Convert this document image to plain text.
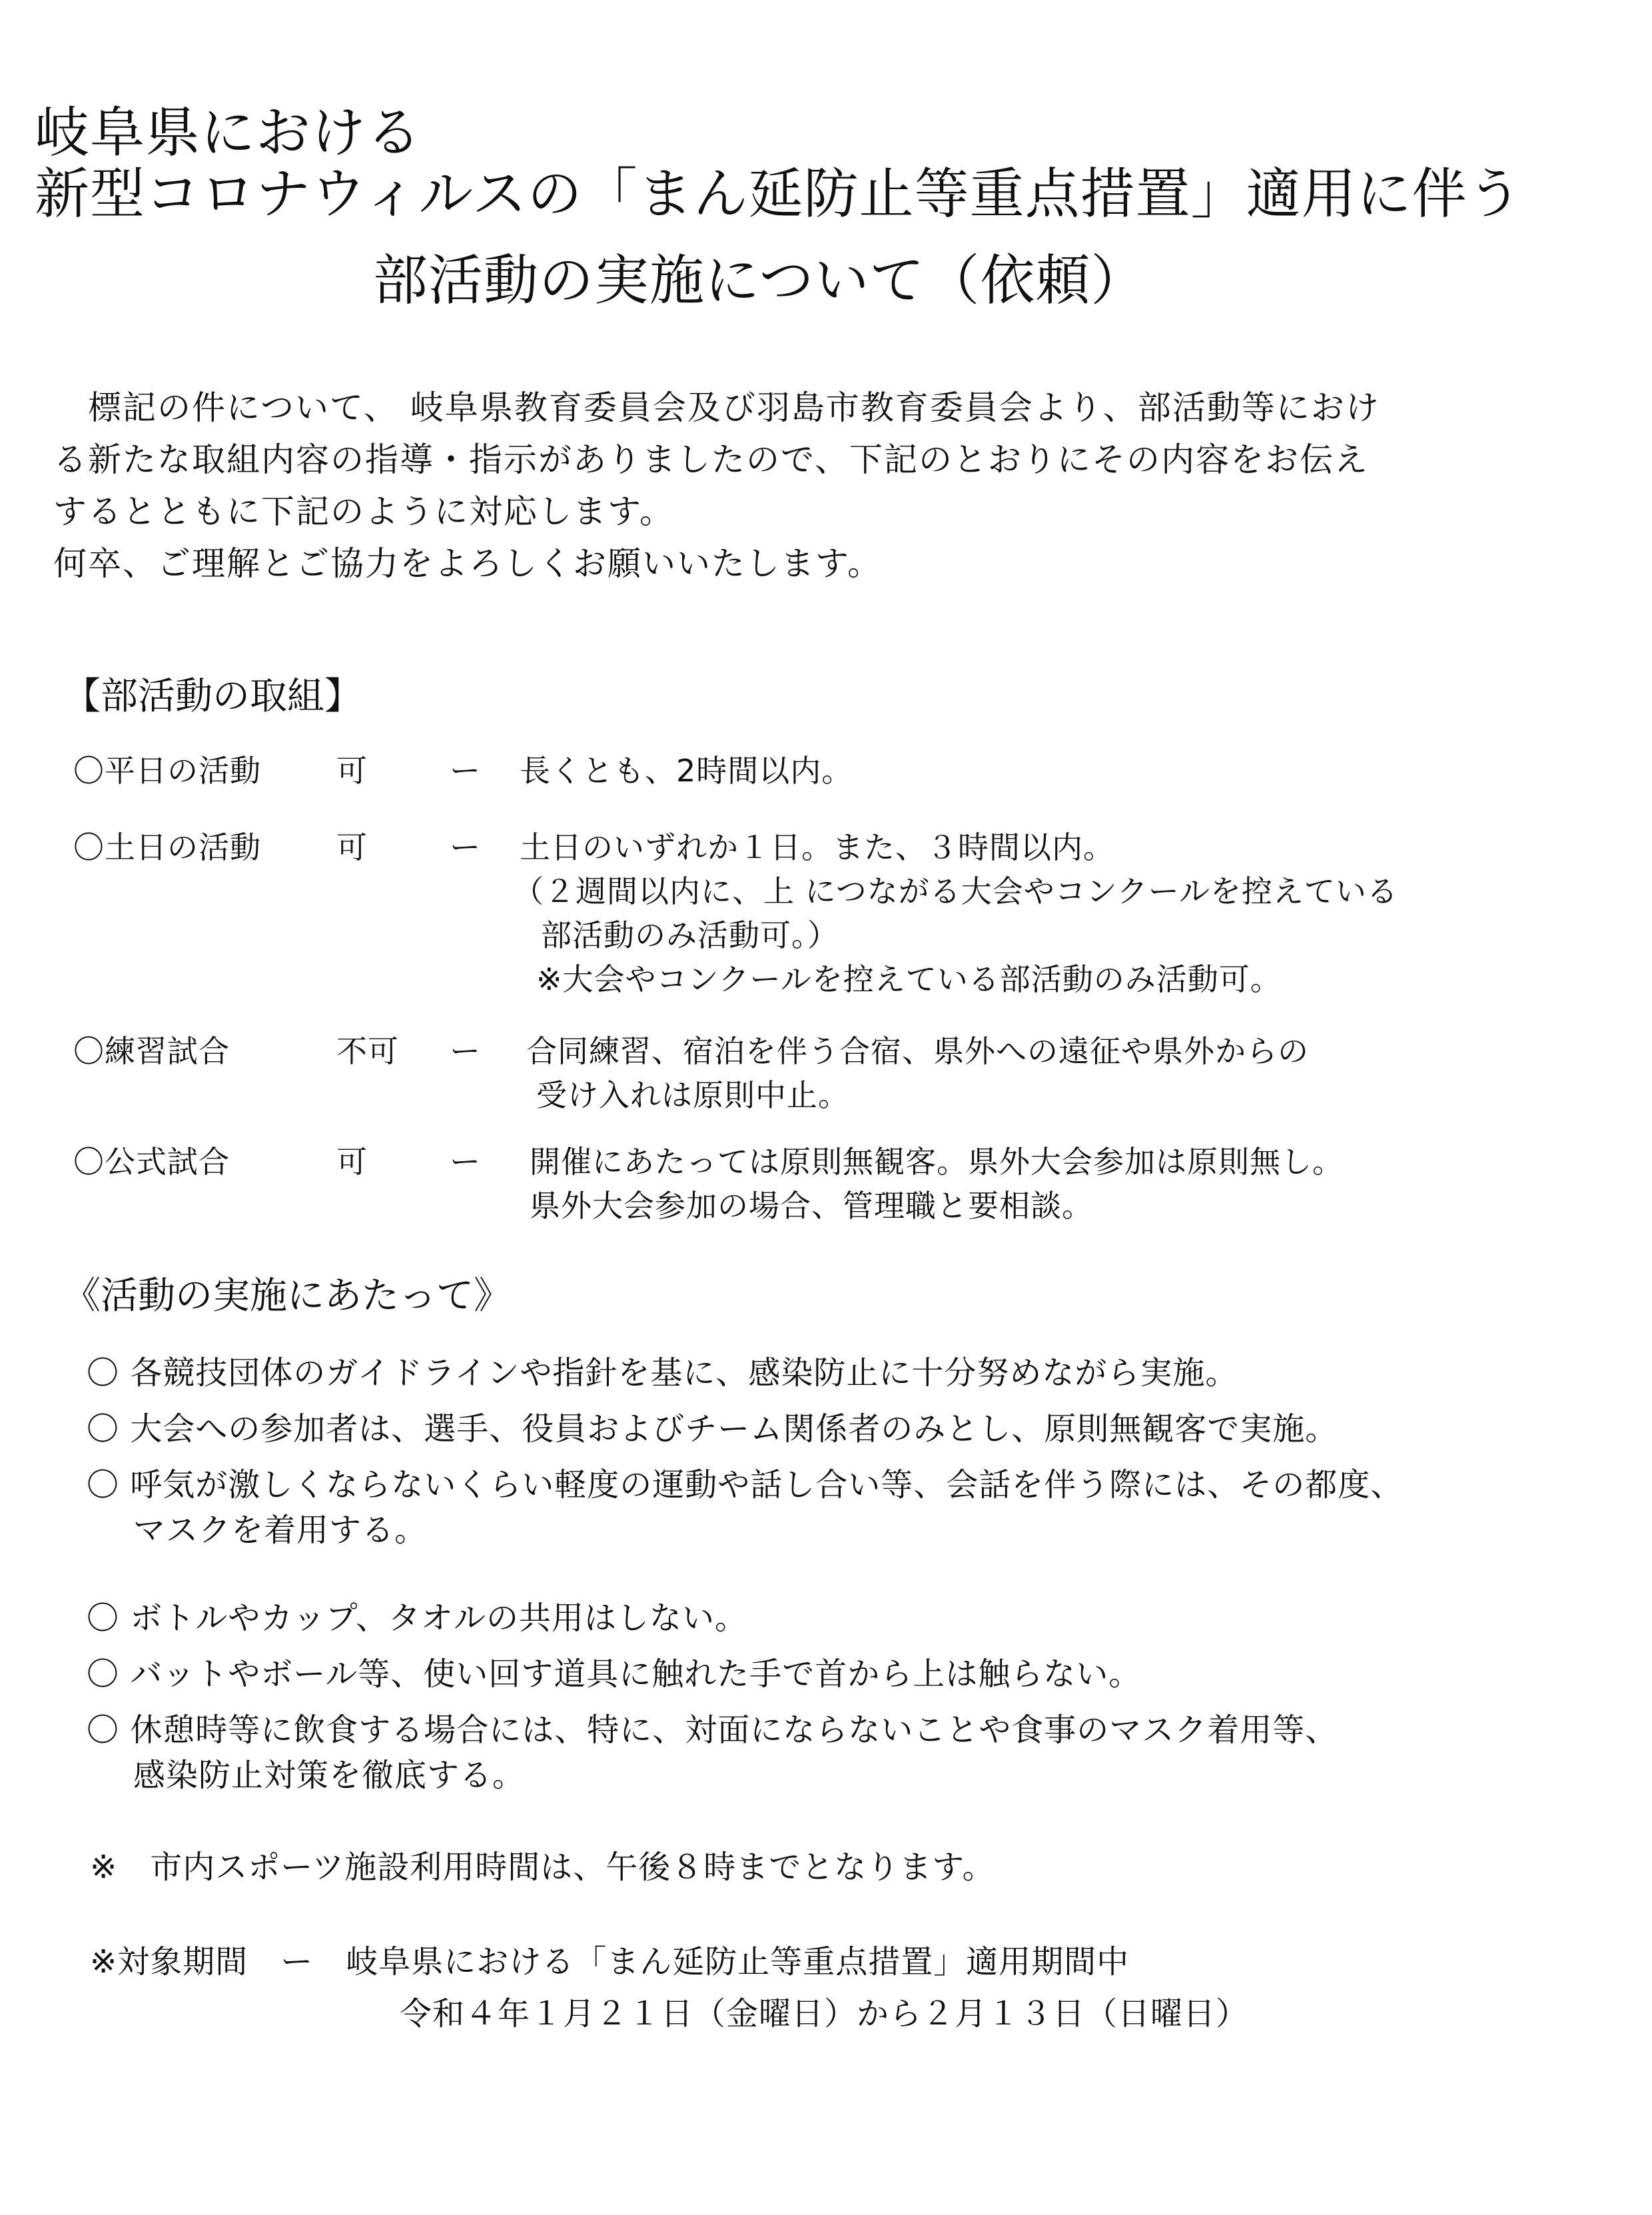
岐阜県における
新型コロナウィルスの「まん延防止等重点措置」適用に伴う
部活動の実施について（依頼）
　標記の件について、 岐阜県教育委員会及び羽島市教育委員会より、部活動等におけ
る新たな取組内容の指導・指示がありましたので、下記のとおりにその内容をお伝え
するとともに下記のように対応します。
何卒、ご理解とご協力をよろしくお願いいたします。
【部活動の取組】
〇平日の活動 可	ー 長くとも、2時間以内。
〇土日の活動 可	ー 土日のいずれか１日。また、３時間以内。
（２週間以内に、上 につながる大会やコンクールを控えている
部活動のみ活動可。）
※大会やコンクールを控えている部活動のみ活動可。
〇練習試合	不可 ー 合同練習、宿泊を伴う合宿、県外への遠征や県外からの
受け入れは原則中止。
〇公式試合	可	ー 開催にあたっては原則無観客。県外大会参加は原則無し。
県外大会参加の場合、管理職と要相談。
《活動の実施にあたって》
〇 各競技団体のガイドラインや指針を基に、感染防止に十分努めながら実施。
〇 大会への参加者は、選手、役員およびチーム関係者のみとし、原則無観客で実施。
〇 呼気が激しくならないくらい軽度の運動や話し合い等、会話を伴う際には、その都度、
マスクを着用する。
〇 ボトルやカップ、タオルの共用はしない。
〇 バットやボール等、使い回す道具に触れた手で首から上は触らない。
〇 休憩時等に飲食する場合には、特に、対面にならないことや食事のマスク着用等、
感染防止対策を徹底する。
※　市内スポーツ施設利用時間は、午後８時までとなります。
※対象期間　ー　岐阜県における「まん延防止等重点措置」適用期間中
令和４年１月２１日（金曜日）から２月１３日（日曜日）
